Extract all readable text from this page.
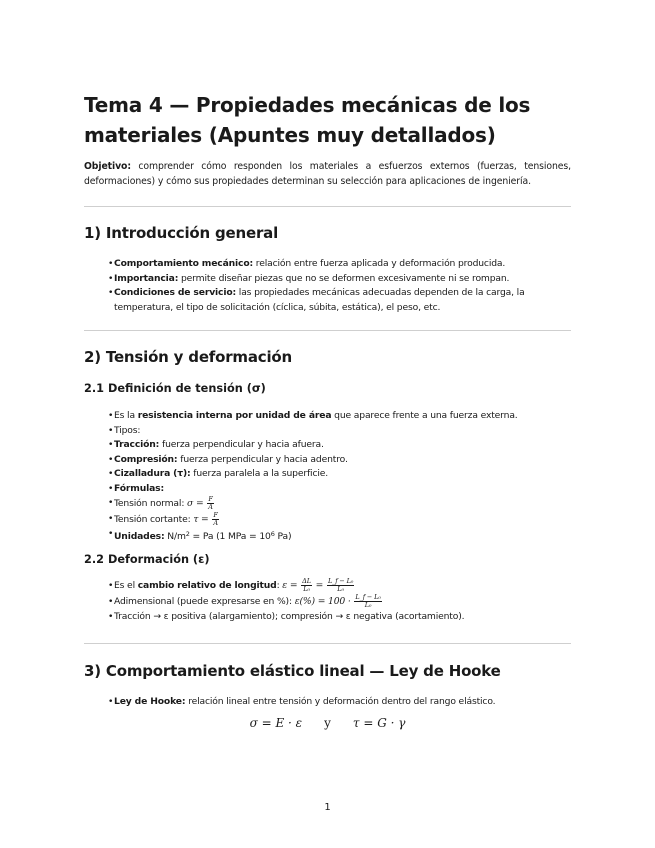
Tema 4 — Propiedades mecánicas de los materiales (Apuntes muy detallados)

Objetivo: comprender cómo responden los materiales a esfuerzos externos (fuerzas, tensiones, deformaciones) y cómo sus propiedades determinan su selección para aplicaciones de ingeniería.

1) Introducción general
• Comportamiento mecánico: relación entre fuerza aplicada y deformación producida.
• Importancia: permite diseñar piezas que no se deformen excesivamente ni se rompan.
• Condiciones de servicio: las propiedades mecánicas adecuadas dependen de la carga, la temperatura, el tipo de solicitación (cíclica, súbita, estática), el peso, etc.
2) Tensión y deformación
2.1 Definición de tensión (σ)
• Es la resistencia interna por unidad de área que aparece frente a una fuerza externa.
• Tipos:
• Tracción: fuerza perpendicular y hacia afuera.
• Compresión: fuerza perpendicular y hacia adentro.
• Cizalladura (τ): fuerza paralela a la superficie.
• Fórmulas:
• Tensión normal: $\sigma = \frac{F}{A}$
• Tensión cortante: $\tau = \frac{F}{A}$
• Unidades: $N/m^2 = Pa$ (1 MPa = $10^6$ Pa)
2.2 Deformación (ε)
• Es el cambio relativo de longitud: $\varepsilon = \frac{\Delta L}{\text{L₀}} = \frac{\text{L\_f − L₀}}{\text{L₀}}$
• Adimensional (puede expresarse en %): $\varepsilon(\%) = 100 \cdot \frac{\text{L\_f − L₀}}{\text{L₀}}$
• Tracción → ε positiva (alargamiento); compresión → ε negativa (acortamiento).
3) Comportamiento elástico lineal — Ley de Hooke
• Ley de Hooke: relación lineal entre tensión y deformación dentro del rango elástico.
σ = E · ε y τ = G · γ
1
